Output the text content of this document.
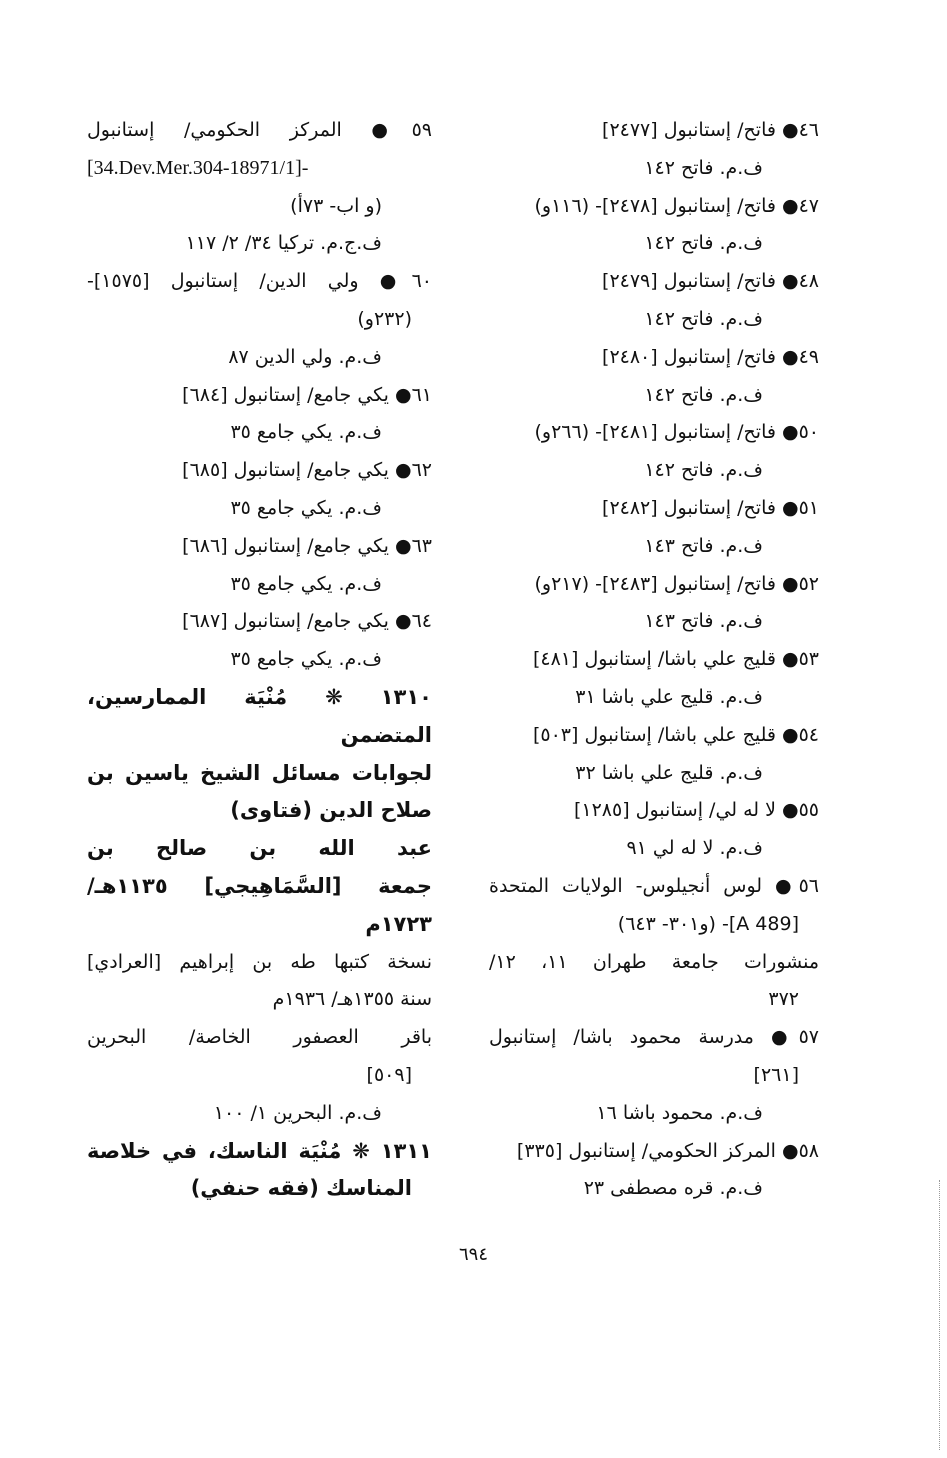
٤٦● فاتح/ إستانبول [٢٤٧٧]
ف.م. فاتح ١٤٢
٤٧● فاتح/ إستانبول [٢٤٧٨]- (١١٦و)
ف.م. فاتح ١٤٢
٤٨● فاتح/ إستانبول [٢٤٧٩]
ف.م. فاتح ١٤٢
٤٩● فاتح/ إستانبول [٢٤٨٠]
ف.م. فاتح ١٤٢
٥٠● فاتح/ إستانبول [٢٤٨١]- (٢٦٦و)
ف.م. فاتح ١٤٢
٥١● فاتح/ إستانبول [٢٤٨٢]
ف.م. فاتح ١٤٣
٥٢● فاتح/ إستانبول [٢٤٨٣]- (٢١٧و)
ف.م. فاتح ١٤٣
٥٣● قليج علي باشا/ إستانبول [٤٨١]
ف.م. قليج علي باشا ٣١
٥٤● قليج علي باشا/ إستانبول [٥٠٣]
ف.م. قليج علي باشا ٣٢
٥٥● لا له لي/ إستانبول [١٢٨٥]
ف.م. لا له لي ٩١
٥٦● لوس أنجيلوس- الولايات المتحدة
[A 489]- (و٣٠١- ٦٤٣)
منشورات جامعة طهران ١١، ١٢/
٣٧٢
٥٧● مدرسة محمود باشا/ إستانبول
[٢٦١]
ف.م. محمود باشا ١٦
٥٨● المركز الحكومي/ إستانبول [٣٣٥]
ف.م. قره مصطفى ٢٣
٥٩● المركز الحكومي/ إستانبول
[34.Dev.Mer.304-18971/1]-
(و اب- ٧٣أ)
ف.ج.م. تركيا ٣٤/ ٢/ ١١٧
٦٠● ولي الدين/ إستانبول [١٥٧٥]-
(٢٣٢و)
ف.م. ولي الدين ٨٧
٦١● يكي جامع/ إستانبول [٦٨٤]
ف.م. يكي جامع ٣٥
٦٢● يكي جامع/ إستانبول [٦٨٥]
ف.م. يكي جامع ٣٥
٦٣● يكي جامع/ إستانبول [٦٨٦]
ف.م. يكي جامع ٣٥
٦٤● يكي جامع/ إستانبول [٦٨٧]
ف.م. يكي جامع ٣٥
١٣١٠ ❋ مُنْيَة الممارسين، المتضمن
لجوابات مسائل الشيخ ياسين بن
صلاح الدين (فتاوى)
عبد الله بن صالح بن
جمعة [السَّمَاهِيجي] ١١٣٥هـ/
١٧٢٣م
نسخة كتبها طه بن إبراهيم [العرادي]
سنة ١٣٥٥هـ/ ١٩٣٦م
باقر العصفور الخاصة/ البحرين
[٥٠٩]
ف.م. البحرين ١/ ١٠٠
١٣١١ ❋ مُنْيَة الناسك، في خلاصة
المناسك (فقه حنفي)
٦٩٤
